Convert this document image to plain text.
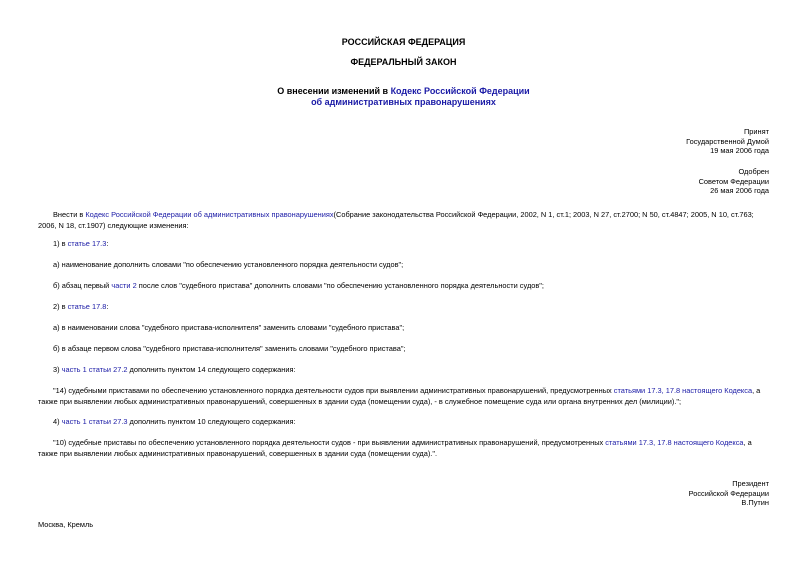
РОССИЙСКАЯ ФЕДЕРАЦИЯ
ФЕДЕРАЛЬНЫЙ ЗАКОН
О внесении изменений в Кодекс Российской Федерации
об административных правонарушениях
Принят
Государственной Думой
19 мая 2006 года
Одобрен
Советом Федерации
26 мая 2006 года
Внести в Кодекс Российской Федерации об административных правонарушениях(Собрание законодательства Российской Федерации, 2002, N 1, ст.1; 2003, N 27, ст.2700; N 50, ст.4847; 2005, N 10, ст.763; 2006, N 18, ст.1907) следующие изменения:
1) в статье 17.3:
а) наименование дополнить словами "по обеспечению установленного порядка деятельности судов";
б) абзац первый части 2 после слов "судебного пристава" дополнить словами "по обеспечению установленного порядка деятельности судов";
2) в статье 17.8:
а) в наименовании слова "судебного пристава-исполнителя" заменить словами "судебного пристава";
б) в абзаце первом слова "судебного пристава-исполнителя" заменить словами "судебного пристава";
3) часть 1 статьи 27.2 дополнить пунктом 14 следующего содержания:
"14) судебными приставами по обеспечению установленного порядка деятельности судов при выявлении административных правонарушений, предусмотренных статьями 17.3, 17.8 настоящего Кодекса, а также при выявлении любых административных правонарушений, совершенных в здании суда (помещении суда), - в служебное помещение суда или органа внутренних дел (милиции).";
4) часть 1 статьи 27.3 дополнить пунктом 10 следующего содержания:
"10) судебные приставы по обеспечению установленного порядка деятельности судов - при выявлении административных правонарушений, предусмотренных статьями 17.3, 17.8 настоящего Кодекса, а также при выявлении любых административных правонарушений, совершенных в здании суда (помещении суда).".
Президент
Российской Федерации
В.Путин
Москва, Кремль
